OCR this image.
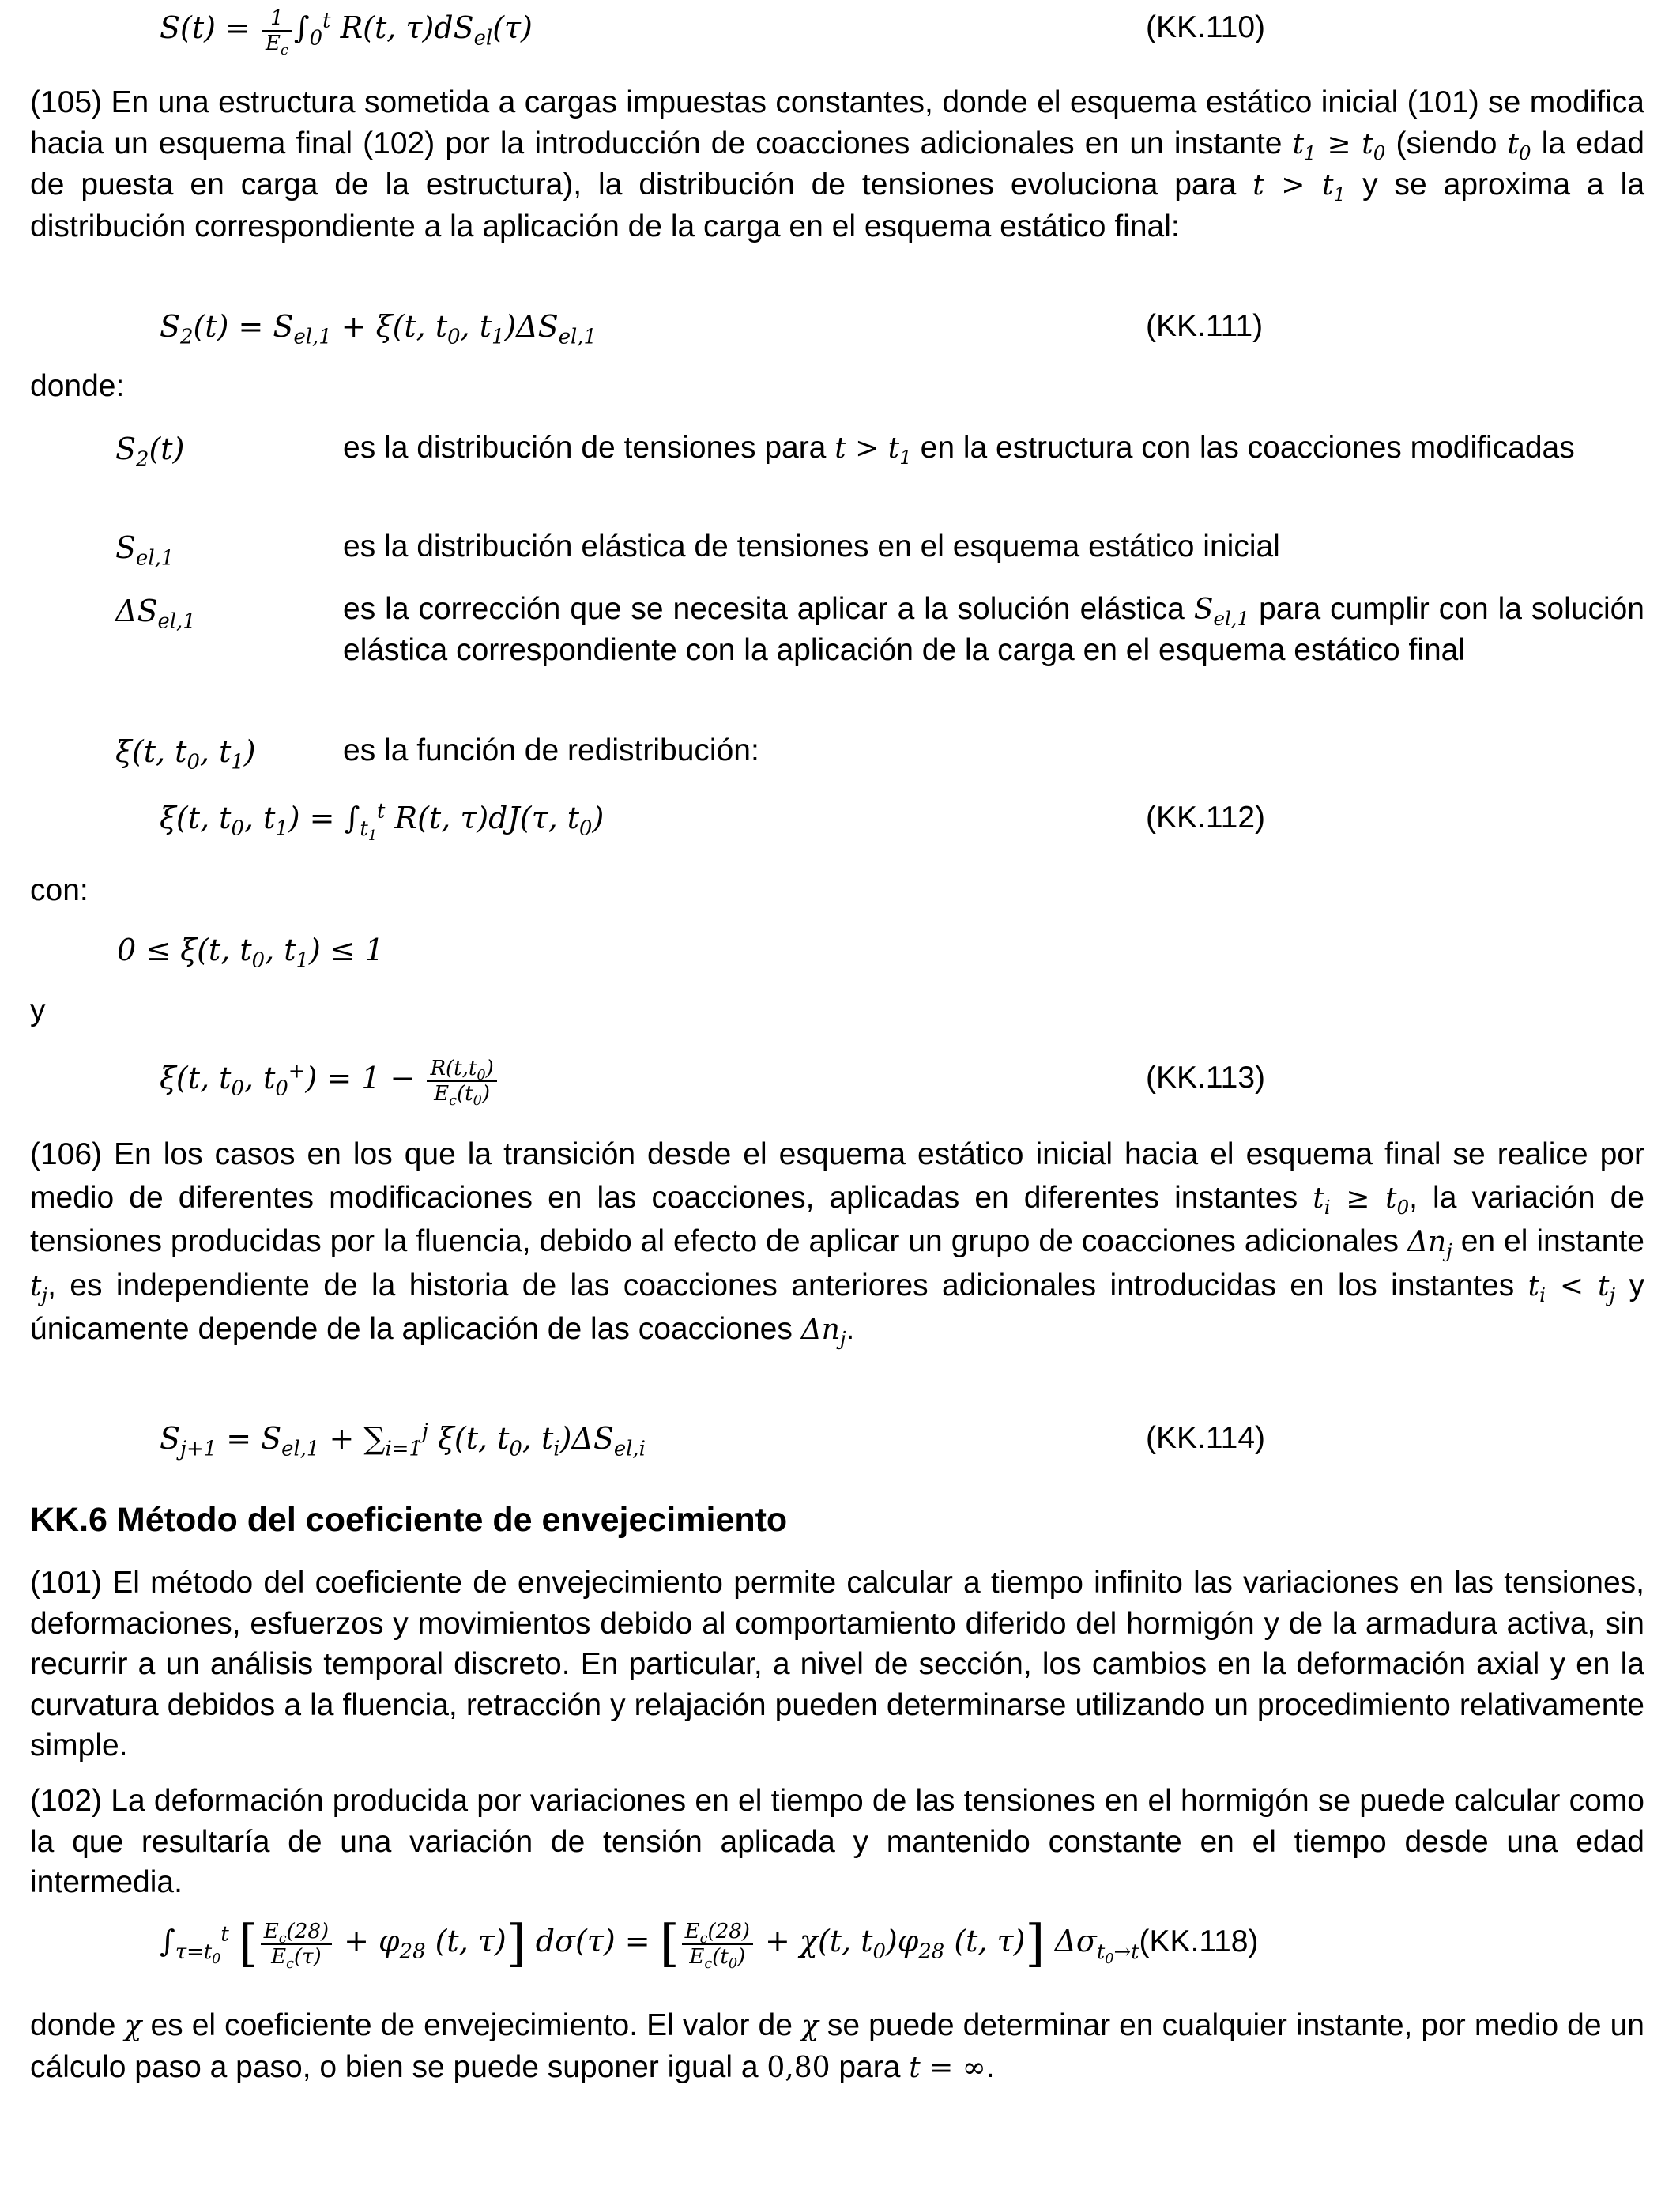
$S(t) = \frac{1}{E_c} \int_0^t$ R(t, $\tau)dS_{el}(\tau)$	(KK.110)
(105) En una estructura sometida a cargas impuestas constantes, donde el esquema estático inicial (101) se modifica hacia un esquema final (102) por la introducción de coacciones adicionales en un instante $t_1 \ge t_0$ (siendo $t_0$ la edad de puesta en carga de la estructura), la distribución de tensiones evoluciona para $t > t_1$ y se aproxima a la distribución correspondiente a la aplicación de la carga en el esquema estático final:
$S_2(t) = S_{el,1} + \xi(t$, $t_0$, $t_1)\Delta S_{el,1}$	(KK.111)
donde:
$S_2(t)$	es la distribución de tensiones para $t > t_1$ en la estructura con las coacciones modificadas
$S_{el,1}$	es la distribución elástica de tensiones en el esquema estático inicial
$\Delta S_{el,1}$	es la corrección que se necesita aplicar a la solución elástica $S_{el,1}$ para cumplir con la solución elástica correspondiente con la aplicación de la carga en el esquema estático final
ξ(t, $t_0$, $t_1$)	es la función de redistribución:
ξ(t, $t_0$, $t_1) = \int_{t_1}^t$ R(t, τ)dJ(τ, $t_0$)	(KK.112)
con:
0 ≤ ξ(t, $t_0$, $t_1) \le 1$
y
ξ(t, $t_0$, $t_0^+) = 1 - \frac{R(t,t_0)}{E_c(t_0)}$	(KK.113)
(106) En los casos en los que la transición desde el esquema estático inicial hacia el esquema final se realice por medio de diferentes modificaciones en las coacciones, aplicadas en diferentes instantes $t_i \ge t_0$, la variación de tensiones producidas por la fluencia, debido al efecto de aplicar un grupo de coacciones adicionales $\Delta n_j$ en el instante $t_j$, es independiente de la historia de las coacciones anteriores adicionales introducidas en los instantes $t_i < t_j$ y únicamente depende de la aplicación de las coacciones $\Delta n_j$.
$S_{j+1} = S_{el,1} + \sum_{i=1}^j$ ξ(t, $t_0$, $t_i)\Delta S_{el,i}$	(KK.114)
KK.6 Método del coeficiente de envejecimiento
(101) El método del coeficiente de envejecimiento permite calcular a tiempo infinito las variaciones en las tensiones, deformaciones, esfuerzos y movimientos debido al comportamiento diferido del hormigón y de la armadura activa, sin recurrir a un análisis temporal discreto. En particular, a nivel de sección, los cambios en la deformación axial y en la curvatura debidos a la fluencia, retracción y relajación pueden determinarse utilizando un procedimiento relativamente simple.
(102) La deformación producida por variaciones en el tiempo de las tensiones en el hormigón se puede calcular como la que resultaría de una variación de tensión aplicada y mantenido constante en el tiempo desde una edad intermedia.
$\int_{\tau=t_0}^t$ [ $\frac{E_c(28)}{E_c(\tau)} + \varphi_{28}$ (t, τ)] dσ(τ) = [ $\frac{E_c(28)}{E_c(t_0)} + \chi(t$, $t_0)\varphi_{28}$ (t, τ)] $\Delta\sigma_{t_0\to t}(KK.118)$
donde χ es el coeficiente de envejecimiento. El valor de χ se puede determinar en cualquier instante, por medio de un cálculo paso a paso, o bien se puede suponer igual a 0,80 para t = ∞.
